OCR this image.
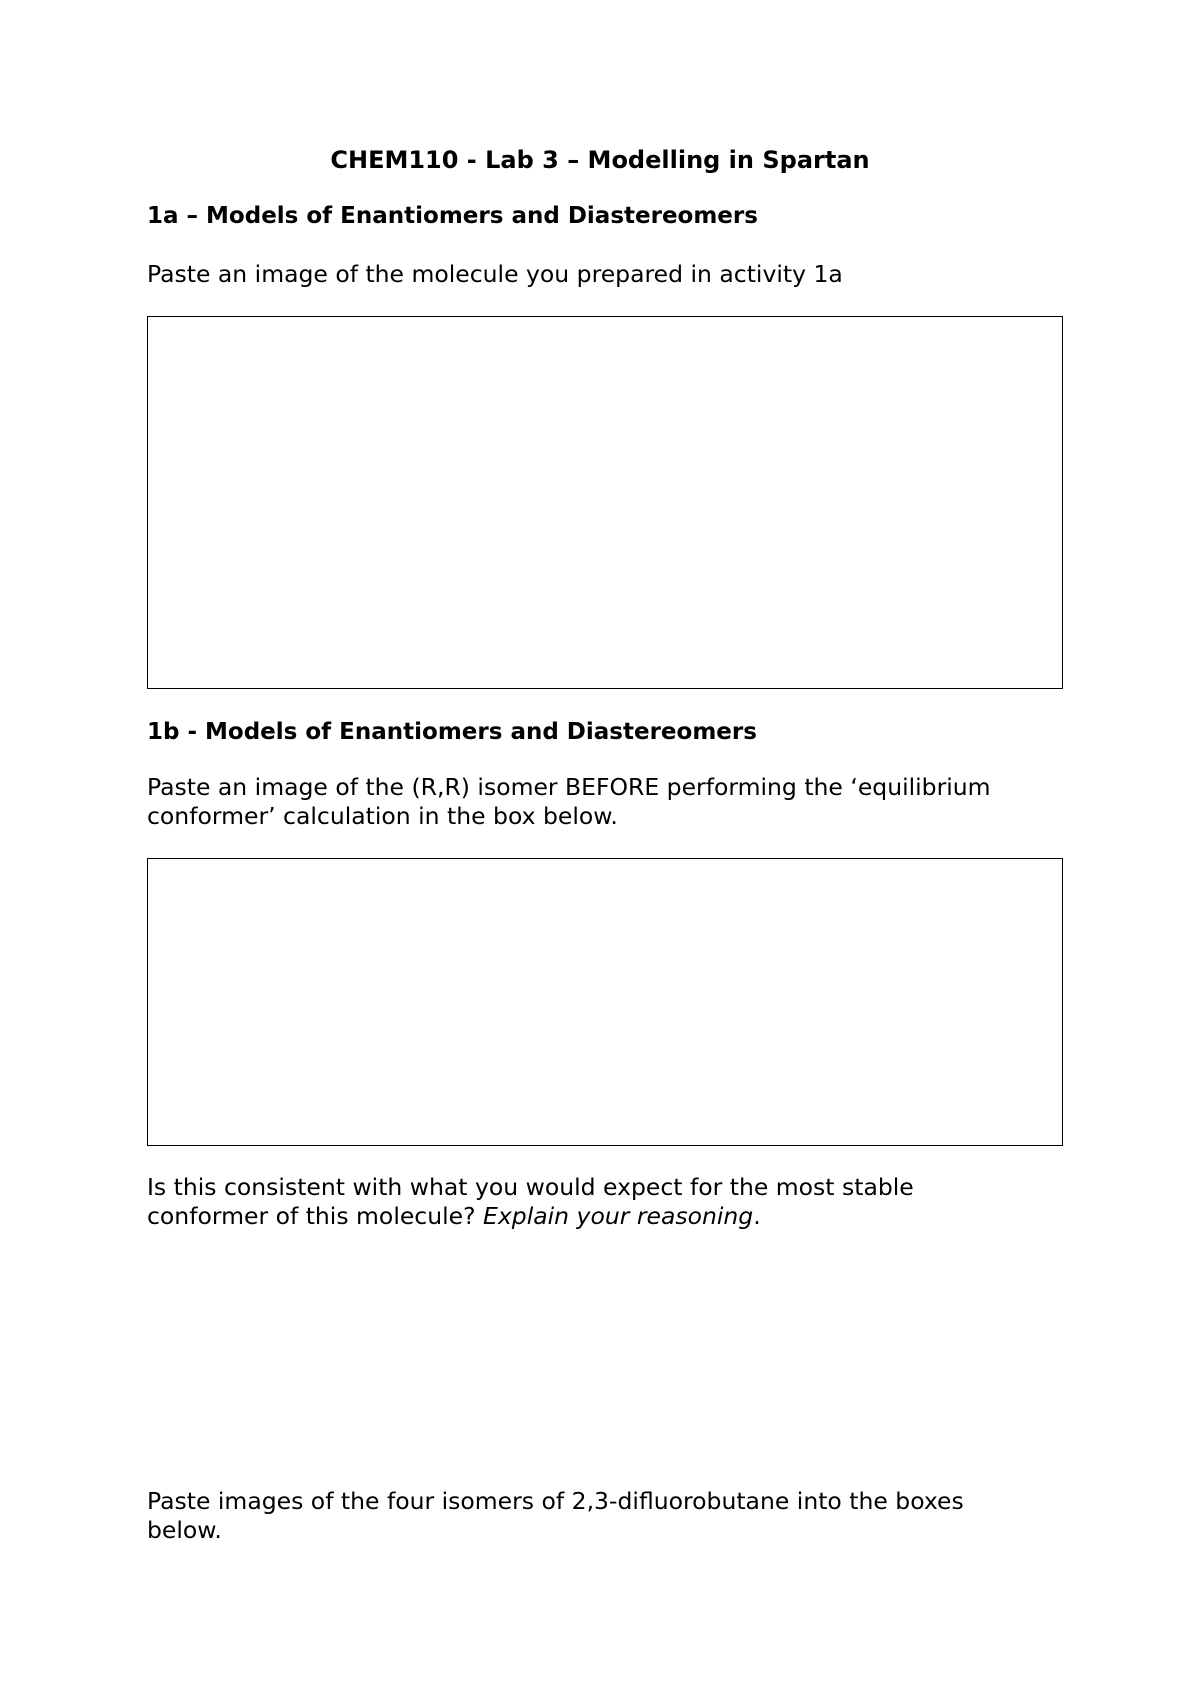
CHEM110 - Lab 3 – Modelling in Spartan
1a – Models of Enantiomers and Diastereomers
Paste an image of the molecule you prepared in activity 1a
1b - Models of Enantiomers and Diastereomers
Paste an image of the (R,R) isomer BEFORE performing the ‘equilibrium
conformer’ calculation in the box below.
Is this consistent with what you would expect for the most stable
conformer of this molecule? Explain your reasoning.
Paste images of the four isomers of 2,3-difluorobutane into the boxes
below.
